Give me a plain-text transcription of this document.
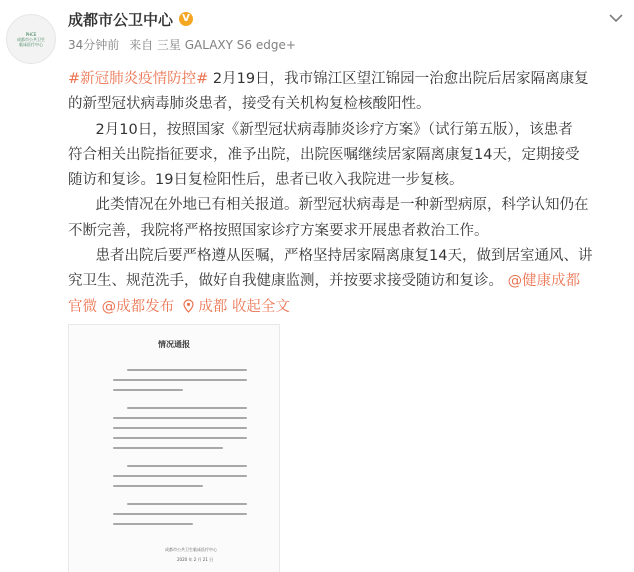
PHCE
成都市公共卫生
临床医疗中心
成都市公卫中心 V
34分钟前 来自 三星 GALAXY S6 edge+

#新冠肺炎疫情防控# 2月19日，我市锦江区望江锦园一治愈出院后居家隔离康复
的新型冠状病毒肺炎患者，接受有关机构复检核酸阳性。

2月10日，按照国家《新型冠状病毒肺炎诊疗方案》（试行第五版），该患者
符合相关出院指征要求，准予出院，出院医嘱继续居家隔离康复14天，定期接受
随访和复诊。19日复检阳性后，患者已收入我院进一步复核。

此类情况在外地已有相关报道。新型冠状病毒是一种新型病原，科学认知仍在
不断完善，我院将严格按照国家诊疗方案要求开展患者救治工作。

患者出院后要严格遵从医嘱，严格坚持居家隔离康复14天，做到居室通风、讲
究卫生、规范洗手，做好自我健康监测，并按要求接受随访和复诊。 @健康成都
官微 @成都发布 成都 收起全文

情况通报
成都市公共卫生临床医疗中心
2020 年 2 月 21 日
